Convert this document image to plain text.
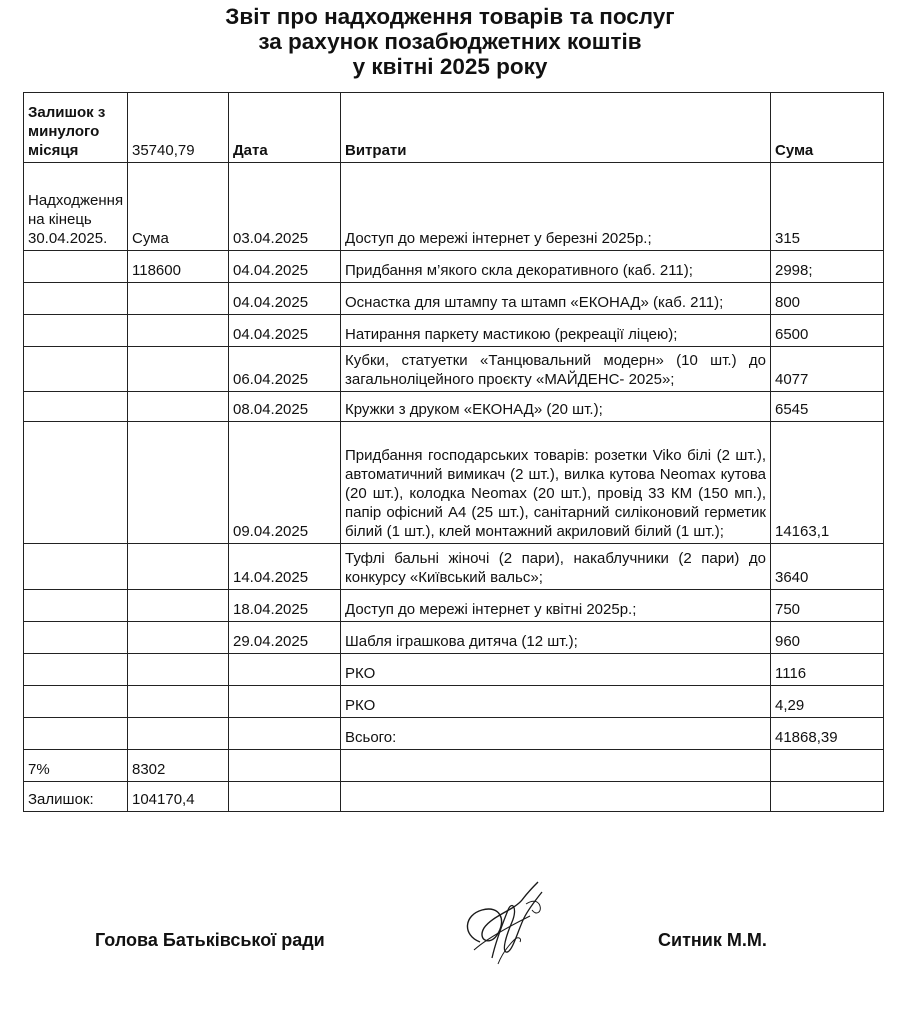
Звіт про надходження товарів та послуг
за рахунок позабюджетних коштів
у квітні 2025 року
Залишок з минулого місяця	35740,79	Дата	Витрати	Сума
Надходження на кінець 30.04.2025.	Сума	03.04.2025	Доступ до мережі інтернет у березні 2025р.;	315
	118600	04.04.2025	Придбання м’якого скла декоративного (каб. 211);	2998;
		04.04.2025	Оснастка для штампу та штамп «ЕКОНАД» (каб. 211);	800
		04.04.2025	Натирання паркету мастикою (рекреації ліцею);	6500
		06.04.2025	Кубки, статуетки «Танцювальний модерн» (10 шт.) до загальноліцейного проєкту «МАЙДЕНС- 2025»;	4077
		08.04.2025	Кружки з друком «ЕКОНАД» (20 шт.);	6545
		09.04.2025	Придбання господарських товарів: розетки Viko білі (2 шт.), автоматичний вимикач (2 шт.), вилка кутова Neomax кутова (20 шт.), колодка Neomax (20 шт.), провід 33 КМ (150 мп.), папір офісний А4 (25 шт.), санітарний силіконовий герметик білий (1 шт.), клей монтажний акриловий білий (1 шт.);	14163,1
		14.04.2025	Туфлі бальні жіночі (2 пари), накаблучники (2 пари) до конкурсу «Київський вальс»;	3640
		18.04.2025	Доступ до мережі інтернет у квітні 2025р.;	750
		29.04.2025	Шабля іграшкова дитяча (12 шт.);	960
			РКО	1116
			РКО	4,29
			Всього:	41868,39
7%	8302			
Залишок:	104170,4			
Голова Батьківської ради	Ситник М.М.
